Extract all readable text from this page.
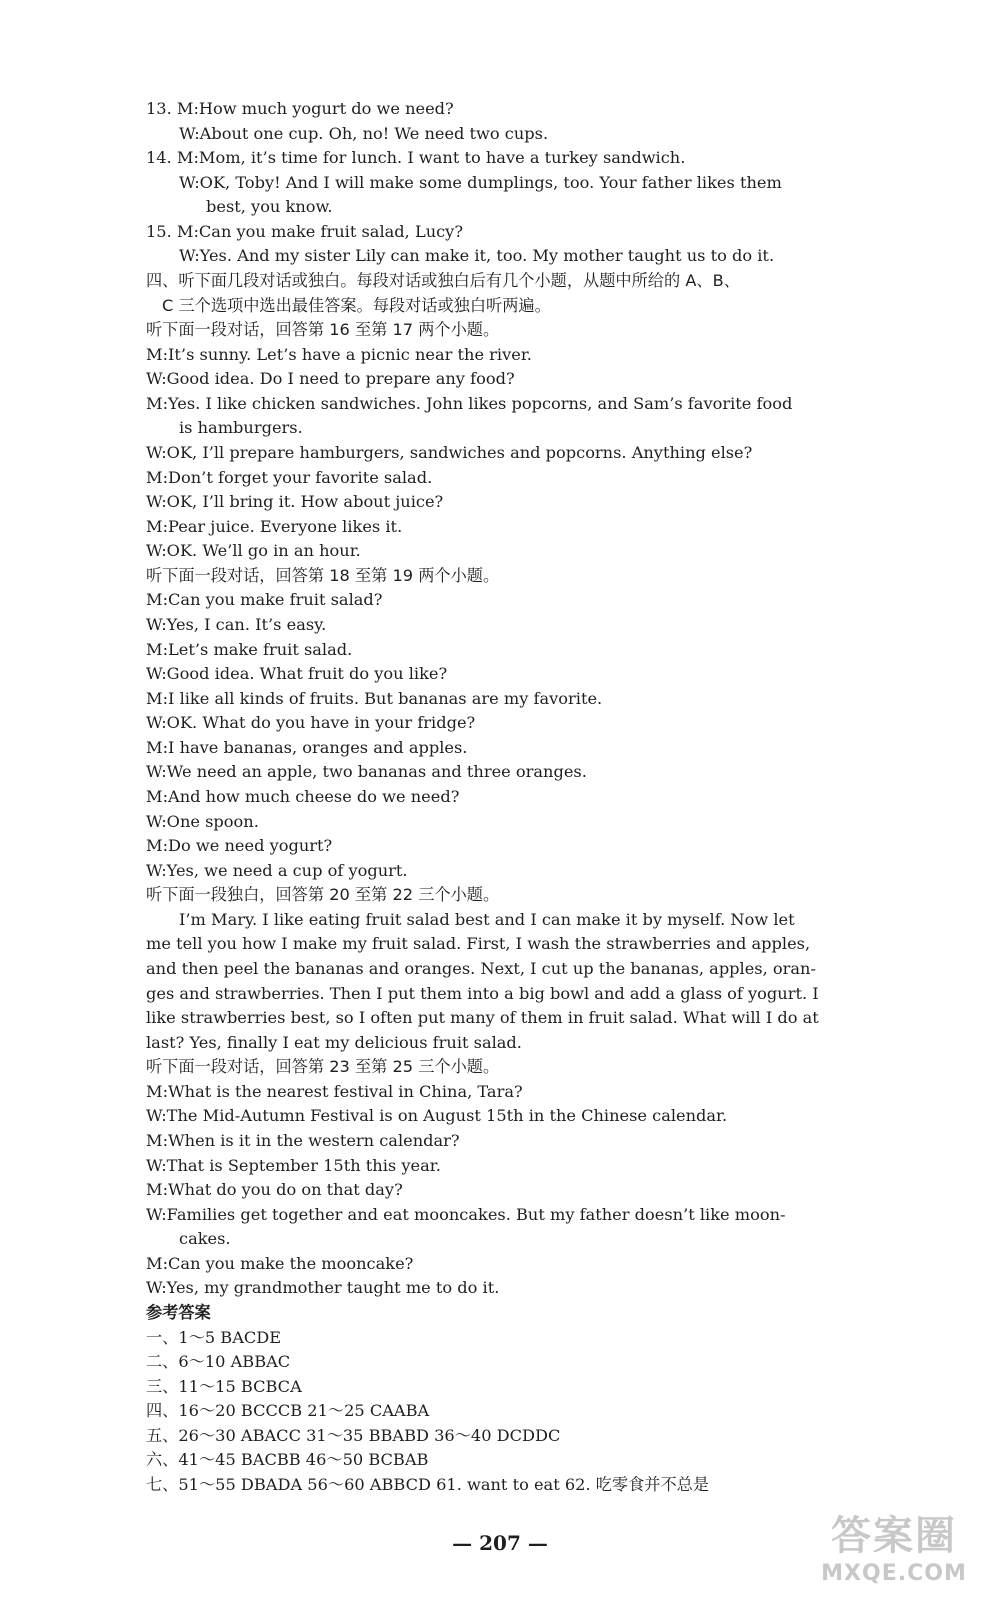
13. M:How much yogurt do we need?
W:About one cup. Oh, no! We need two cups.
14. M:Mom, it’s time for lunch. I want to have a turkey sandwich.
W:OK, Toby! And I will make some dumplings, too. Your father likes them
best, you know.
15. M:Can you make fruit salad, Lucy?
W:Yes. And my sister Lily can make it, too. My mother taught us to do it.
四、听下面几段对话或独白。每段对话或独白后有几个小题，从题中所给的 A、B、
C 三个选项中选出最佳答案。每段对话或独白听两遍。
听下面一段对话，回答第 16 至第 17 两个小题。
M:It’s sunny. Let’s have a picnic near the river.
W:Good idea. Do I need to prepare any food?
M:Yes. I like chicken sandwiches. John likes popcorns, and Sam’s favorite food
is hamburgers.
W:OK, I’ll prepare hamburgers, sandwiches and popcorns. Anything else?
M:Don’t forget your favorite salad.
W:OK, I’ll bring it. How about juice?
M:Pear juice. Everyone likes it.
W:OK. We’ll go in an hour.
听下面一段对话，回答第 18 至第 19 两个小题。
M:Can you make fruit salad?
W:Yes, I can. It’s easy.
M:Let’s make fruit salad.
W:Good idea. What fruit do you like?
M:I like all kinds of fruits. But bananas are my favorite.
W:OK. What do you have in your fridge?
M:I have bananas, oranges and apples.
W:We need an apple, two bananas and three oranges.
M:And how much cheese do we need?
W:One spoon.
M:Do we need yogurt?
W:Yes, we need a cup of yogurt.
听下面一段独白，回答第 20 至第 22 三个小题。
I’m Mary. I like eating fruit salad best and I can make it by myself. Now let
me tell you how I make my fruit salad. First, I wash the strawberries and apples,
and then peel the bananas and oranges. Next, I cut up the bananas, apples, oran-
ges and strawberries. Then I put them into a big bowl and add a glass of yogurt. I
like strawberries best, so I often put many of them in fruit salad. What will I do at
last? Yes, finally I eat my delicious fruit salad.
听下面一段对话，回答第 23 至第 25 三个小题。
M:What is the nearest festival in China, Tara?
W:The Mid-Autumn Festival is on August 15th in the Chinese calendar.
M:When is it in the western calendar?
W:That is September 15th this year.
M:What do you do on that day?
W:Families get together and eat mooncakes. But my father doesn’t like moon-
cakes.
M:Can you make the mooncake?
W:Yes, my grandmother taught me to do it.
参考答案
一、1～5 BACDE
二、6～10 ABBAC
三、11～15 BCBCA
四、16～20 BCCCB 21～25 CAABA
五、26～30 ABACC 31～35 BBABD 36～40 DCDDC
六、41～45 BACBB 46～50 BCBAB
七、51～55 DBADA 56～60 ABBCD 61. want to eat 62. 吃零食并不总是
— 207 —	答案圈
MXQE.COM
